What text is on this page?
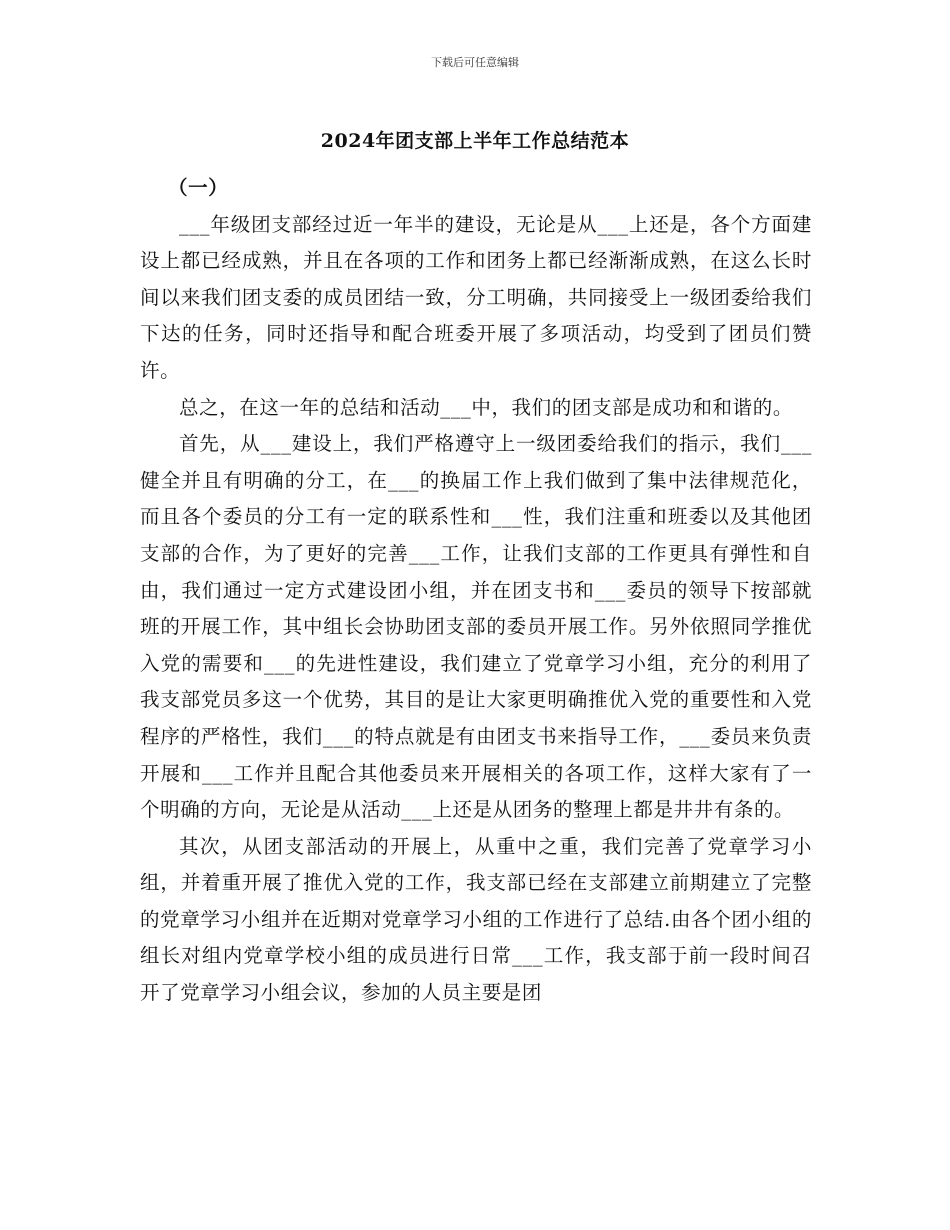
下载后可任意编辑
2024年团支部上半年工作总结范本

（一）

___年级团支部经过近一年半的建设，无论是从___上还是，各个方面建设上都已经成熟，并且在各项的工作和团务上都已经渐渐成熟，在这么长时间以来我们团支委的成员团结一致，分工明确，共同接受上一级团委给我们下达的任务，同时还指导和配合班委开展了多项活动，均受到了团员们赞许。

总之，在这一年的总结和活动___中，我们的团支部是成功和和谐的。

首先，从___建设上，我们严格遵守上一级团委给我们的指示，我们___健全并且有明确的分工，在___的换届工作上我们做到了集中法律规范化，而且各个委员的分工有一定的联系性和___性，我们注重和班委以及其他团支部的合作，为了更好的完善___工作，让我们支部的工作更具有弹性和自由，我们通过一定方式建设团小组，并在团支书和___委员的领导下按部就班的开展工作，其中组长会协助团支部的委员开展工作。另外依照同学推优入党的需要和___的先进性建设，我们建立了党章学习小组，充分的利用了我支部党员多这一个优势，其目的是让大家更明确推优入党的重要性和入党程序的严格性，我们___的特点就是有由团支书来指导工作，___委员来负责开展和___工作并且配合其他委员来开展相关的各项工作，这样大家有了一个明确的方向，无论是从活动___上还是从团务的整理上都是井井有条的。

其次，从团支部活动的开展上，从重中之重，我们完善了党章学习小组，并着重开展了推优入党的工作，我支部已经在支部建立前期建立了完整的党章学习小组并在近期对党章学习小组的工作进行了总结.由各个团小组的组长对组内党章学校小组的成员进行日常___工作，我支部于前一段时间召开了党章学习小组会议，参加的人员主要是团
